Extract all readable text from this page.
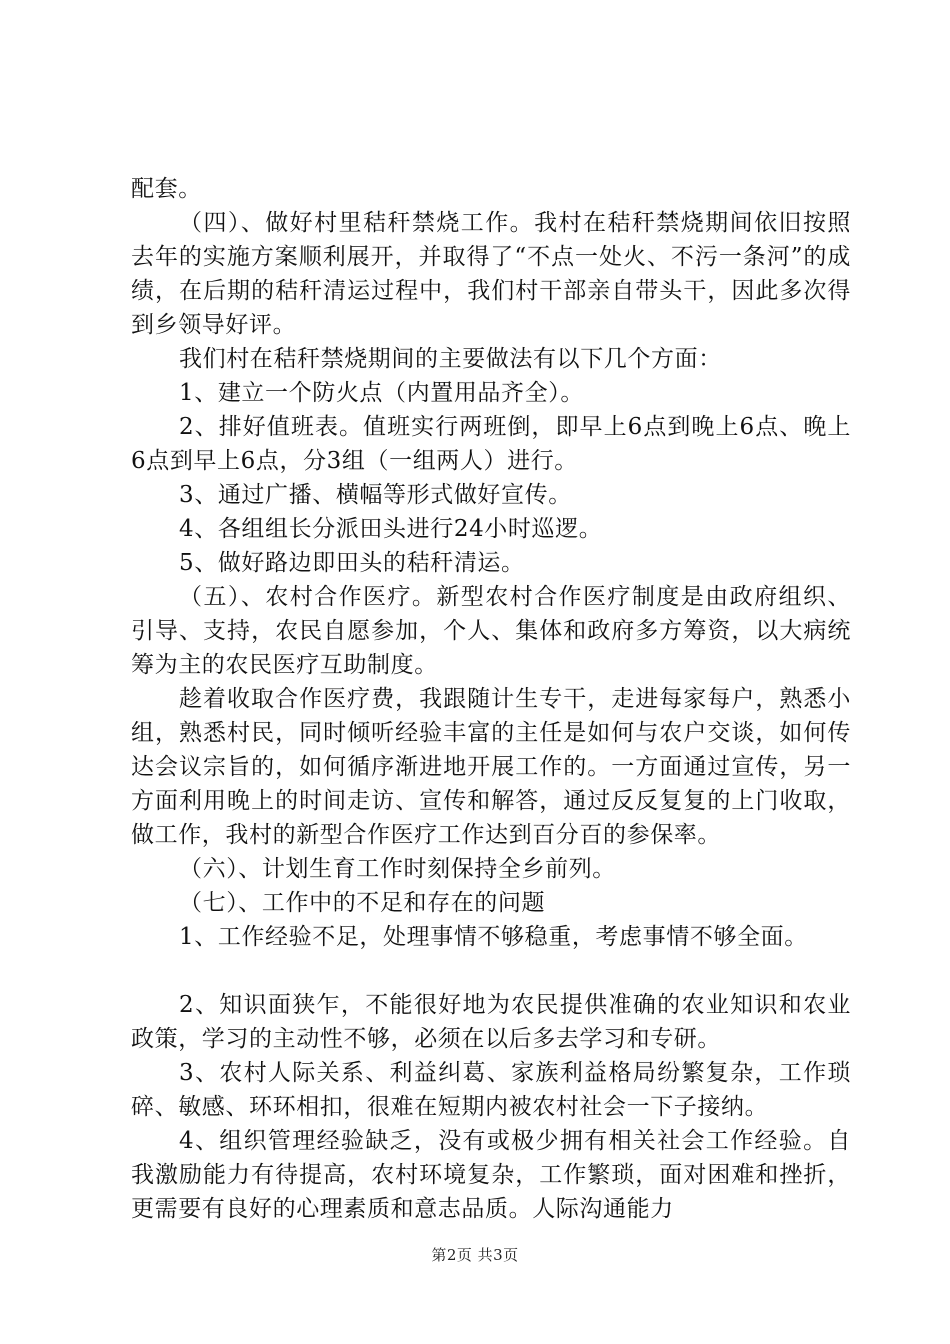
配套。

（四）、做好村里秸秆禁烧工作。我村在秸秆禁烧期间依旧按照去年的实施方案顺利展开，并取得了“不点一处火、不污一条河”的成绩，在后期的秸秆清运过程中，我们村干部亲自带头干，因此多次得到乡领导好评。

我们村在秸秆禁烧期间的主要做法有以下几个方面：

1、建立一个防火点（内置用品齐全）。

2、排好值班表。值班实行两班倒，即早上6点到晚上6点、晚上6点到早上6点，分3组（一组两人）进行。

3、通过广播、横幅等形式做好宣传。

4、各组组长分派田头进行24小时巡逻。

5、做好路边即田头的秸秆清运。

（五）、农村合作医疗。新型农村合作医疗制度是由政府组织、引导、支持，农民自愿参加，个人、集体和政府多方筹资，以大病统筹为主的农民医疗互助制度。

趁着收取合作医疗费，我跟随计生专干，走进每家每户，熟悉小组，熟悉村民，同时倾听经验丰富的主任是如何与农户交谈，如何传达会议宗旨的，如何循序渐进地开展工作的。一方面通过宣传，另一方面利用晚上的时间走访、宣传和解答，通过反反复复的上门收取，做工作，我村的新型合作医疗工作达到百分百的参保率。

（六）、计划生育工作时刻保持全乡前列。

（七）、工作中的不足和存在的问题

1、工作经验不足，处理事情不够稳重，考虑事情不够全面。

2、知识面狭乍，不能很好地为农民提供准确的农业知识和农业政策，学习的主动性不够，必须在以后多去学习和专研。

3、农村人际关系、利益纠葛、家族利益格局纷繁复杂，工作琐碎、敏感、环环相扣，很难在短期内被农村社会一下子接纳。

4、组织管理经验缺乏，没有或极少拥有相关社会工作经验。自我激励能力有待提高，农村环境复杂，工作繁琐，面对困难和挫折，更需要有良好的心理素质和意志品质。人际沟通能力

第2页 共3页
